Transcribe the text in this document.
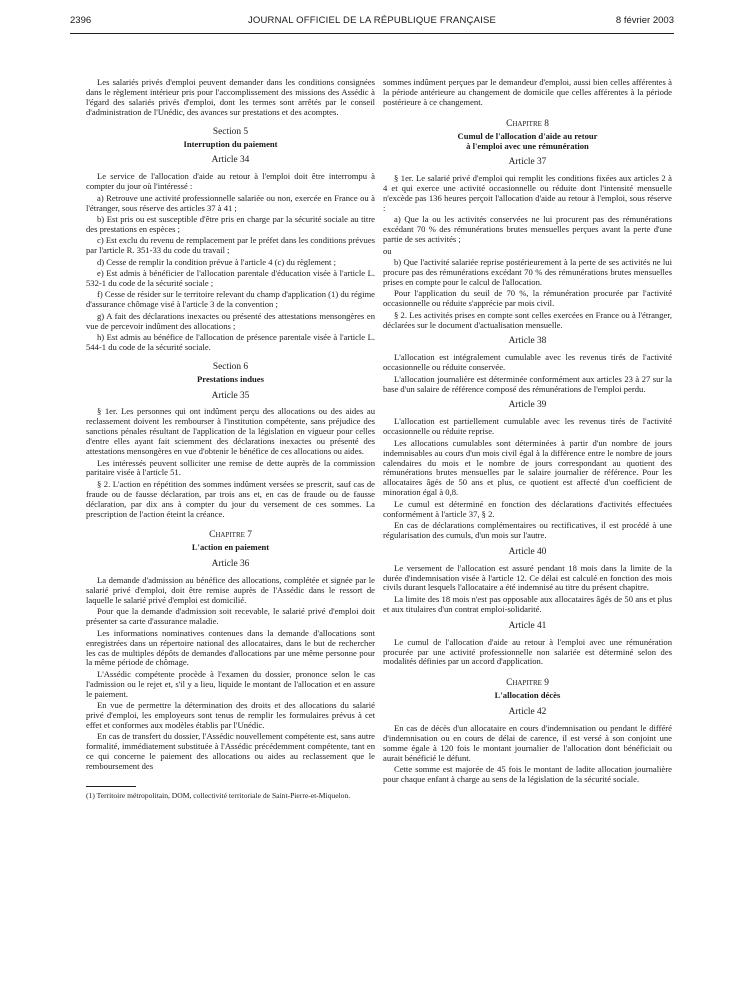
2396	JOURNAL OFFICIEL DE LA RÉPUBLIQUE FRANÇAISE	8 février 2003

Les salariés privés d'emploi peuvent demander dans les conditions consignées dans le règlement intérieur pris pour l'accomplissement des missions des Assédic à l'égard des salariés privés d'emploi, dont les termes sont arrêtés par le conseil d'administration de l'Unédic, des avances sur prestations et des acomptes.

Section 5
Interruption du paiement
Article 34

Le service de l'allocation d'aide au retour à l'emploi doit être interrompu à compter du jour où l'intéressé :

a) Retrouve une activité professionnelle salariée ou non, exercée en France ou à l'étranger, sous réserve des articles 37 à 41 ;

b) Est pris ou est susceptible d'être pris en charge par la sécurité sociale au titre des prestations en espèces ;

c) Est exclu du revenu de remplacement par le préfet dans les conditions prévues par l'article R. 351-33 du code du travail ;

d) Cesse de remplir la condition prévue à l'article 4 (c) du règlement ;

e) Est admis à bénéficier de l'allocation parentale d'éducation visée à l'article L. 532-1 du code de la sécurité sociale ;

f) Cesse de résider sur le territoire relevant du champ d'application (1) du régime d'assurance chômage visé à l'article 3 de la convention ;

g) A fait des déclarations inexactes ou présenté des attestations mensongères en vue de percevoir indûment des allocations ;

h) Est admis au bénéfice de l'allocation de présence parentale visée à l'article L. 544-1 du code de la sécurité sociale.

Section 6
Prestations indues
Article 35

§ 1er. Les personnes qui ont indûment perçu des allocations ou des aides au reclassement doivent les rembourser à l'institution compétente, sans préjudice des sanctions pénales résultant de l'application de la législation en vigueur pour celles d'entre elles ayant fait sciemment des déclarations inexactes ou présenté des attestations mensongères en vue d'obtenir le bénéfice de ces allocations ou aides.

Les intéressés peuvent solliciter une remise de dette auprès de la commission paritaire visée à l'article 51.

§ 2. L'action en répétition des sommes indûment versées se prescrit, sauf cas de fraude ou de fausse déclaration, par trois ans et, en cas de fraude ou de fausse déclaration, par dix ans à compter du jour du versement de ces sommes. La prescription de l'action éteint la créance.

Chapitre 7
L'action en paiement
Article 36

La demande d'admission au bénéfice des allocations, complétée et signée par le salarié privé d'emploi, doit être remise auprès de l'Assédic dans le ressort de laquelle le salarié privé d'emploi est domicilié.

Pour que la demande d'admission soit recevable, le salarié privé d'emploi doit présenter sa carte d'assurance maladie.

Les informations nominatives contenues dans la demande d'allocations sont enregistrées dans un répertoire national des allocataires, dans le but de rechercher les cas de multiples dépôts de demandes d'allocations par une même personne pour la même période de chômage.

L'Assédic compétente procède à l'examen du dossier, prononce selon le cas l'admission ou le rejet et, s'il y a lieu, liquide le montant de l'allocation et en assure le paiement.

En vue de permettre la détermination des droits et des allocations du salarié privé d'emploi, les employeurs sont tenus de remplir les formulaires prévus à cet effet et conformes aux modèles établis par l'Unédic.

En cas de transfert du dossier, l'Assédic nouvellement compétente est, sans autre formalité, immédiatement substituée à l'Assédic précédemment compétente, tant en ce qui concerne le paiement des allocations ou aides au reclassement que le remboursement des

(1) Territoire métropolitain, DOM, collectivité territoriale de Saint-Pierre-et-Miquelon.

sommes indûment perçues par le demandeur d'emploi, aussi bien celles afférentes à la période antérieure au changement de domicile que celles afférentes à la période postérieure à ce changement.

Chapitre 8
Cumul de l'allocation d'aide au retour
à l'emploi avec une rémunération
Article 37

§ 1er. Le salarié privé d'emploi qui remplit les conditions fixées aux articles 2 à 4 et qui exerce une activité occasionnelle ou réduite dont l'intensité mensuelle n'excède pas 136 heures perçoit l'allocation d'aide au retour à l'emploi, sous réserve :

a) Que la ou les activités conservées ne lui procurent pas des rémunérations excédant 70 % des rémunérations brutes mensuelles perçues avant la perte d'une partie de ses activités ;

ou

b) Que l'activité salariée reprise postérieurement à la perte de ses activités ne lui procure pas des rémunérations excédant 70 % des rémunérations brutes mensuelles prises en compte pour le calcul de l'allocation.

Pour l'application du seuil de 70 %, la rémunération procurée par l'activité occasionnelle ou réduite s'apprécie par mois civil.

§ 2. Les activités prises en compte sont celles exercées en France ou à l'étranger, déclarées sur le document d'actualisation mensuelle.

Article 38

L'allocation est intégralement cumulable avec les revenus tirés de l'activité occasionnelle ou réduite conservée.

L'allocation journalière est déterminée conformément aux articles 23 à 27 sur la base d'un salaire de référence composé des rémunérations de l'emploi perdu.

Article 39

L'allocation est partiellement cumulable avec les revenus tirés de l'activité occasionnelle ou réduite reprise.

Les allocations cumulables sont déterminées à partir d'un nombre de jours indemnisables au cours d'un mois civil égal à la différence entre le nombre de jours calendaires du mois et le nombre de jours correspondant au quotient des rémunérations brutes mensuelles par le salaire journalier de référence. Pour les allocataires âgés de 50 ans et plus, ce quotient est affecté d'un coefficient de minoration égal à 0,8.

Le cumul est déterminé en fonction des déclarations d'activités effectuées conformément à l'article 37, § 2.

En cas de déclarations complémentaires ou rectificatives, il est procédé à une régularisation des cumuls, d'un mois sur l'autre.

Article 40

Le versement de l'allocation est assuré pendant 18 mois dans la limite de la durée d'indemnisation visée à l'article 12. Ce délai est calculé en fonction des mois civils durant lesquels l'allocataire a été indemnisé au titre du présent chapitre.

La limite des 18 mois n'est pas opposable aux allocataires âgés de 50 ans et plus et aux titulaires d'un contrat emploi-solidarité.

Article 41

Le cumul de l'allocation d'aide au retour à l'emploi avec une rémunération procurée par une activité professionnelle non salariée est déterminé selon des modalités définies par un accord d'application.

Chapitre 9
L'allocation décès
Article 42

En cas de décès d'un allocataire en cours d'indemnisation ou pendant le différé d'indemnisation ou en cours de délai de carence, il est versé à son conjoint une somme égale à 120 fois le montant journalier de l'allocation dont bénéficiait ou aurait bénéficié le défunt.

Cette somme est majorée de 45 fois le montant de ladite allocation journalière pour chaque enfant à charge au sens de la législation de la sécurité sociale.
